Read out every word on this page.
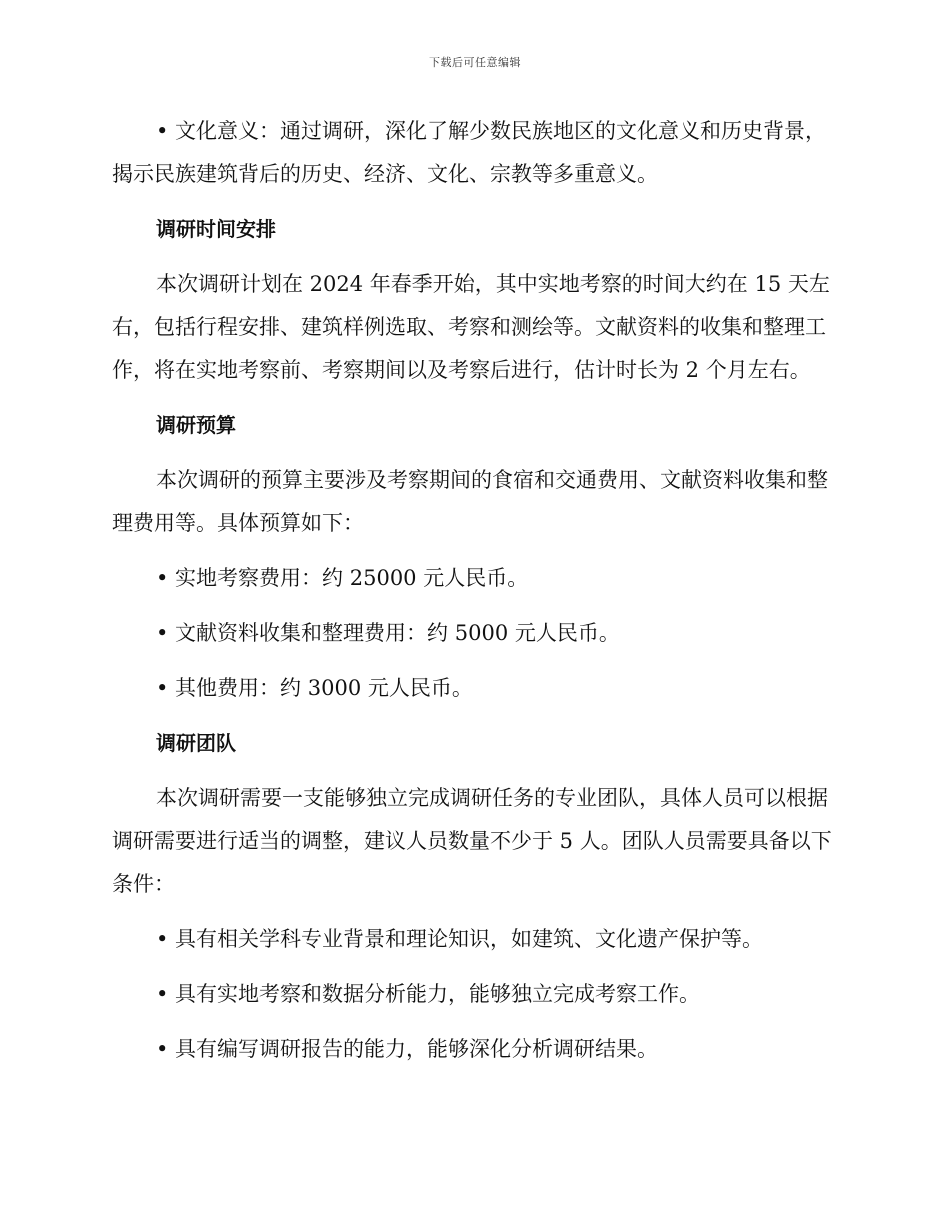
下载后可任意编辑

• 文化意义：通过调研，深化了解少数民族地区的文化意义和历史背景，揭示民族建筑背后的历史、经济、文化、宗教等多重意义。

调研时间安排

本次调研计划在 2024 年春季开始，其中实地考察的时间大约在 15 天左右，包括行程安排、建筑样例选取、考察和测绘等。文献资料的收集和整理工作，将在实地考察前、考察期间以及考察后进行，估计时长为 2 个月左右。

调研预算

本次调研的预算主要涉及考察期间的食宿和交通费用、文献资料收集和整理费用等。具体预算如下：

• 实地考察费用：约 25000 元人民币。

• 文献资料收集和整理费用：约 5000 元人民币。

• 其他费用：约 3000 元人民币。

调研团队

本次调研需要一支能够独立完成调研任务的专业团队，具体人员可以根据调研需要进行适当的调整，建议人员数量不少于 5 人。团队人员需要具备以下条件：

• 具有相关学科专业背景和理论知识，如建筑、文化遗产保护等。

• 具有实地考察和数据分析能力，能够独立完成考察工作。

• 具有编写调研报告的能力，能够深化分析调研结果。
